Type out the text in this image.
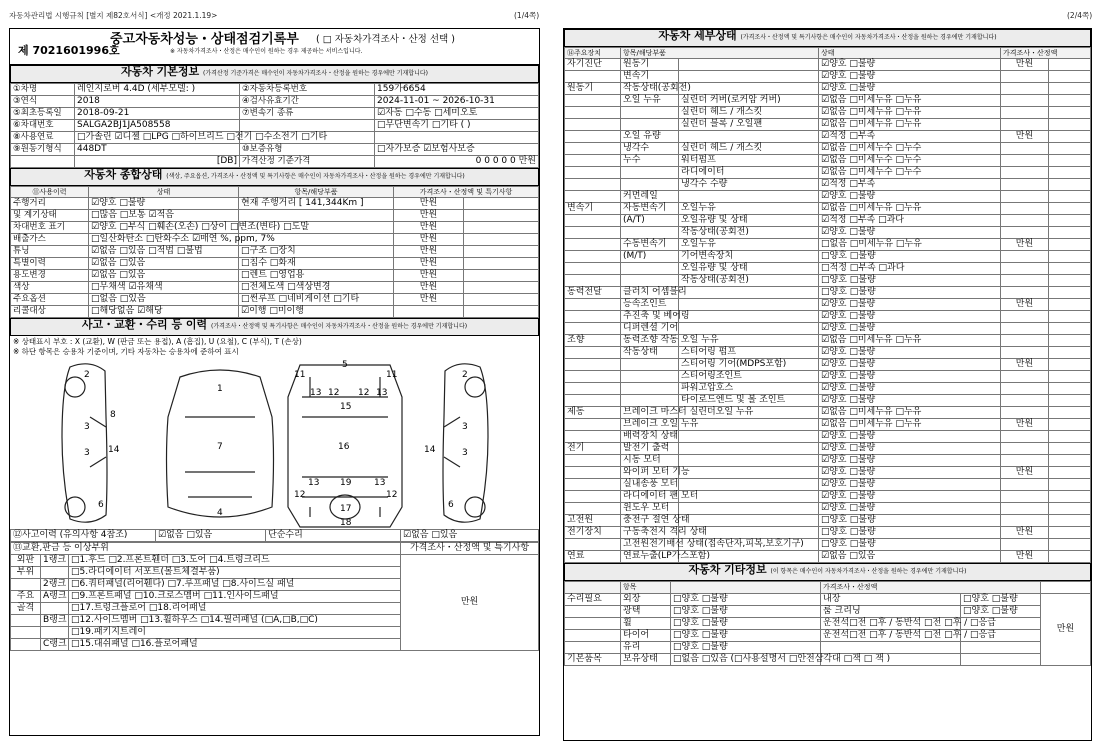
자동차관리법 시행규칙 [별지 제82호서식] <개정 2021.1.19>	(1/4쪽)	(2/4쪽)
중고자동차성능・상태점검기록부 ( □ 자동차가격조사・산정 선택 )
제 7021601996호	※ 자동차가격조사・산정은 매수인이 원하는 경우 제공하는 서비스입니다.
자동차 기본정보 (가격산정 기준가격은 매수인이 자동차가격조사・산정을 원하는 경우에만 기재합니다)
①차명	레인지로버 4.4D (세부모델: )	②자동차등록번호	159가6654
③연식	2018	④검사유효기간	2024-11-01 ~ 2026-10-31
⑤최초등록일	2018-09-21	⑦변속기 종류	☑자동 □수동 □세미오토
⑥차대번호	SALGA2BJ1JA508558		□무단변속기 □기타 ( )
⑧사용연료	□가솔린 ☑디젤 □LPG □하이브리드 □전기 □수소전기 □기타		
⑨원동기형식	448DT	⑩보증유형	□자가보증 ☑보험사보증
	[DB]	가격산정 기준가격	0 0 0 0 0 만원
자동차 종합상태 (색상, 주요옵션, 가격조사・산정액 및 특기사항은 매수인이 자동차가격조사・산정을 원하는 경우에만 기재합니다)
⑪사용이력	상태	항목/해당부품	가격조사・산정액 및 특기사항	
주행거리	☑양호 □불량	현재 주행거리 [ 141,344Km ]	만원	
및 계기상태	□많음 □보통 ☑적음		만원	
차대번호 표기	☑양호 □부식 □훼손(오손) □상이 □변조(변타) □도말		만원	
배출가스	□일산화탄소 □탄화수소 ☑매연 %, ppm, 7%		만원	
튜닝	☑없음 □있음 □적법 □불법	□구조 □장치	만원	
특별이력	☑없음 □있음	□침수 □화재	만원	
용도변경	☑없음 □있음	□렌트 □영업용	만원	
색상	□무채색 ☑유채색	□전체도색 □색상변경	만원	
주요옵션	□없음 □있음	□썬루프 □네비게이션 □기타	만원	
리콜대상	□해당없음 ☑해당	☑이행 □미이행		
사고・교환・수리 등 이력 (가격조사・산정액 및 특기사항은 매수인이 자동차가격조사・산정을 원하는 경우에만 기재합니다)
※ 상태표시 부호 : X (교환), W (판금 또는 용접), A (흠집), U (요철), C (부식), T (손상)
※ 하단 항목은 승용차 기준이며, 기타 자동차는 승용차에 준하여 표시
2
3
3 14
6
8
1
7
4
5
11	11
13 12 12 13
15
16
19
17
18
12	12
13	13
2
3
3
14
6
⑫사고이력 (유의사항 4참조)	☑없음 □있음	단순수리	☑없음 □있음
⑬교환,판금 등 이상부위			가격조사・산정액 및 특기사항
외판	1랭크	□1.후드 □2.프론트휀더 □3.도어 □4.트렁크리드	만원
부위		□5.라디에이터 서포트(볼트체결부품)	
	2랭크	□6.쿼터패널(리어휀다) □7.루프패널 □8.사이드실 패널	
주요	A랭크	□9.프론트패널 □10.크로스멤버 □11.인사이드패널	
골격		□17.트렁크플로어 □18.리어패널	
	B랭크	□12.사이드멤버 □13.휠하우스 □14.필러패널 (□A,□B,□C)	
		□19.패키지트레이	
	C랭크	□15.대쉬패널 □16.플로어패널	
자동차 세부상태 (가격조사・산정액 및 특기사항은 매수인이 자동차가격조사・산정을 원하는 경우에만 기재합니다)
⑭주요장치	항목/해당부품		상태	가격조사・산정액	
자기진단	원동기		☑양호 □불량	만원	
	변속기		☑양호 □불량		
원동기	작동상태(공회전)		☑양호 □불량		
	오일 누유	실린더 커버(로커암 커버)	☑없음 □미세누유 □누유		
		실린더 헤드 / 개스킷	☑없음 □미세누유 □누유		
		실린더 블록 / 오일팬	☑없음 □미세누유 □누유		
	오일 유량		☑적정 □부족	만원	
	냉각수	실린더 헤드 / 개스킷	☑없음 □미세누수 □누수		
	누수	워터펌프	☑없음 □미세누수 □누수		
		라디에이터	☑없음 □미세누수 □누수		
		냉각수 수량	☑적정 □부족		
	커먼레일		☑양호 □불량		
변속기	자동변속기	오일누유	☑없음 □미세누유 □누유		
	(A/T)	오일유량 및 상태	☑적정 □부족 □과다		
		작동상태(공회전)	☑양호 □불량		
	수동변속기	오일누유	□없음 □미세누유 □누유	만원	
	(M/T)	기어변속장치	□양호 □불량		
		오일유량 및 상태	□적정 □부족 □과다		
		작동상태(공회전)	□양호 □불량		
동력전달	클러치 어셈블리		□양호 □불량		
	등속조인트		☑양호 □불량	만원	
	추진축 및 베어링		☑양호 □불량		
	디퍼렌셜 기어		☑양호 □불량		
조향	동력조향 작동 오일 누유		☑없음 □미세누유 □누유		
	작동상태	스티어링 펌프	☑양호 □불량		
		스티어링 기어(MDPS포함)	☑양호 □불량	만원	
		스티어링조인트	☑양호 □불량		
		파워고압호스	☑양호 □불량		
		타이로드엔드 및 볼 조인트	☑양호 □불량		
제동	브레이크 마스터 실린더오일 누유		☑없음 □미세누유 □누유		
	브레이크 오일 누유		☑없음 □미세누유 □누유	만원	
	배력장치 상태		☑양호 □불량		
전기	발전기 출력		☑양호 □불량		
	시동 모터		☑양호 □불량		
	와이퍼 모터 기능		☑양호 □불량	만원	
	실내송풍 모터		☑양호 □불량		
	라디에이터 팬 모터		☑양호 □불량		
	윈도우 모터		☑양호 □불량		
고전원	충전구 절연 상태		□양호 □불량		
전기장치	구동축전지 격리 상태		□양호 □불량	만원	
	고전원전기배선 상태(접속단자,피복,보호기구)		□양호 □불량		
연료	연료누출(LP가스포함)		☑없음 □있음	만원	
자동차 기타정보 (이 항목은 매수인이 자동차가격조사・산정을 원하는 경우에만 기재합니다)
	항목		가격조사・산정액		
수리필요	외장	□양호 □불량	내장	□양호 □불량	만원
	광택	□양호 □불량	룸 크리닝	□양호 □불량	
	휠	□양호 □불량	운전석□전 □후 / 동반석 □전 □후 / □응급		
	타이어	□양호 □불량	운전석□전 □후 / 동반석 □전 □후 / □응급		
	유리	□양호 □불량			
기본품목	보유상태	□없음 □있음 (□사용설명서 □안전삼각대 □잭 □ 잭 )			
